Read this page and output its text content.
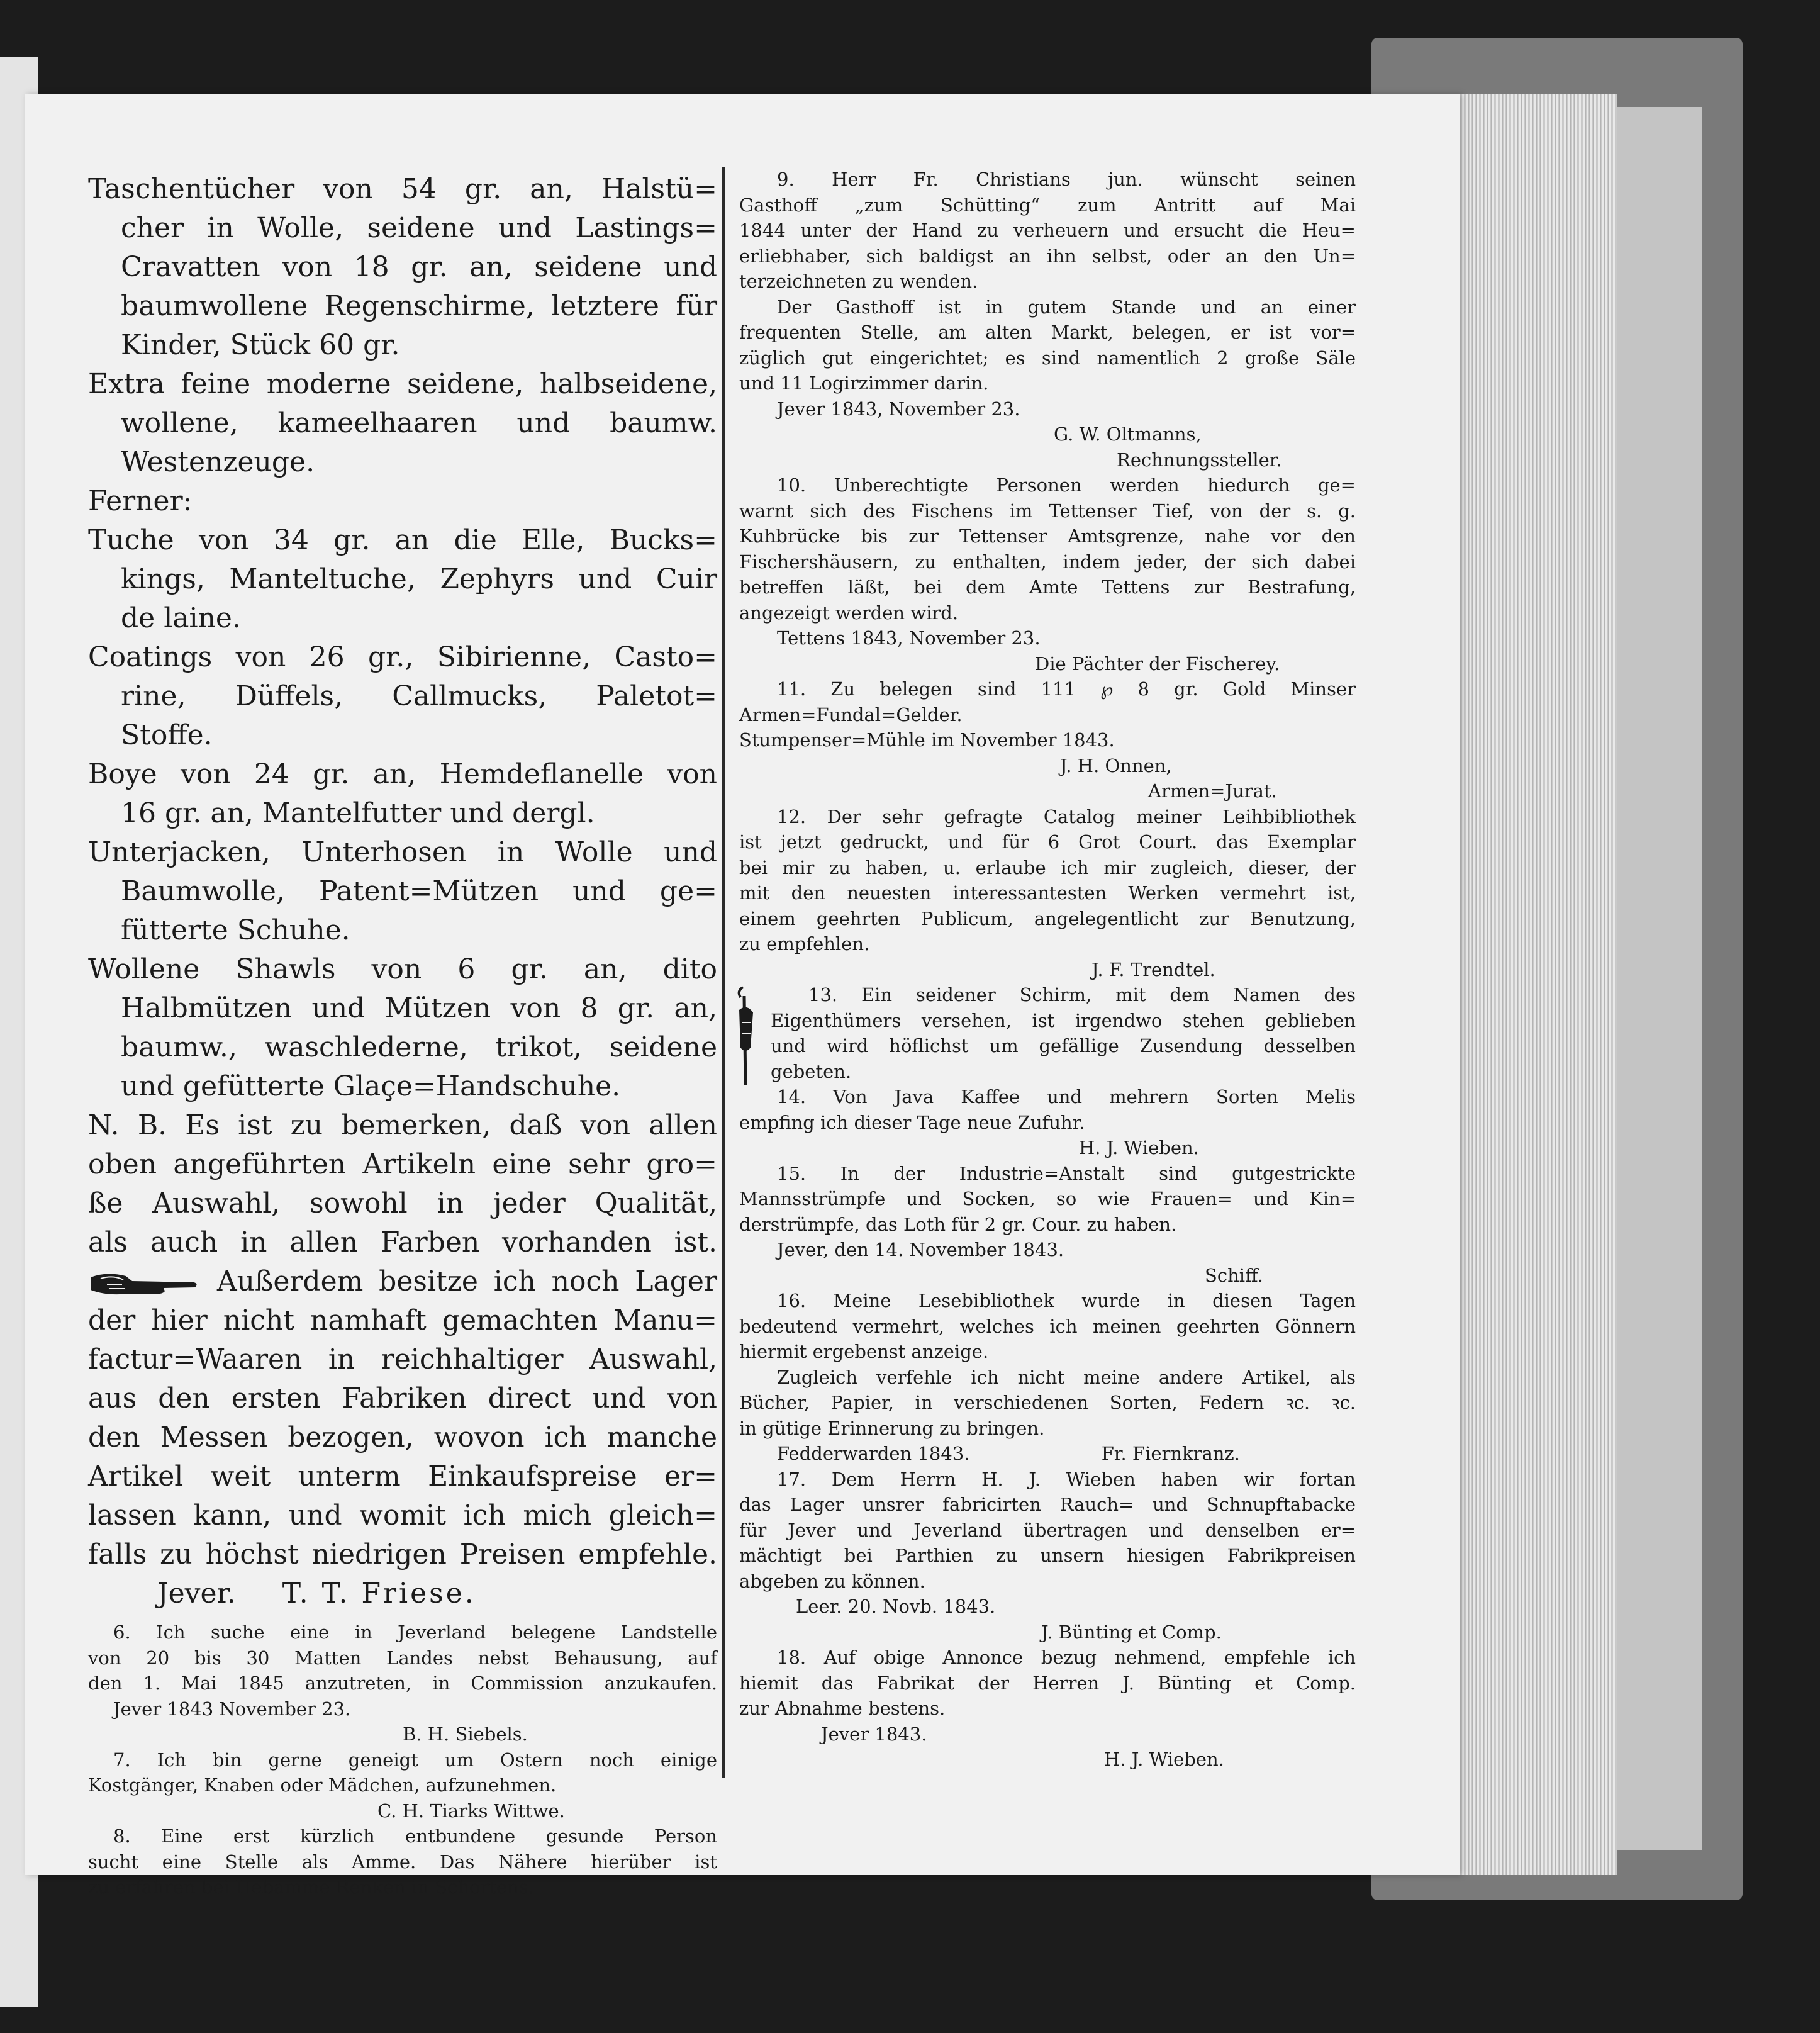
Taschentücher von 54 gr. an, Halstü=
cher in Wolle, seidene und Lastings=
Cravatten von 18 gr. an, seidene und
baumwollene Regenschirme, letztere für
Kinder, Stück 60 gr.
Extra feine moderne seidene, halbseidene,
wollene, kameelhaaren und baumw.
Westenzeuge.
Ferner:
Tuche von 34 gr. an die Elle, Bucks=
kings, Manteltuche, Zephyrs und Cuir
de laine.
Coatings von 26 gr., Sibirienne, Casto=
rine, Düffels, Callmucks, Paletot=
Stoffe.
Boye von 24 gr. an, Hemdeflanelle von
16 gr. an, Mantelfutter und dergl.
Unterjacken, Unterhosen in Wolle und
Baumwolle, Patent=Mützen und ge=
fütterte Schuhe.
Wollene Shawls von 6 gr. an, dito
Halbmützen und Mützen von 8 gr. an,
baumw., waschlederne, trikot, seidene
und gefütterte Glaçe=Handschuhe.
N. B. Es ist zu bemerken, daß von allen
oben angeführten Artikeln eine sehr gro=
ße Auswahl, sowohl in jeder Qualität,
als auch in allen Farben vorhanden ist.
Außerdem besitze ich noch Lager
der hier nicht namhaft gemachten Manu=
factur=Waaren in reichhaltiger Auswahl,
aus den ersten Fabriken direct und von
den Messen bezogen, wovon ich manche
Artikel weit unterm Einkaufspreise er=
lassen kann, und womit ich mich gleich=
falls zu höchst niedrigen Preisen empfehle.
Jever. T. T. Friese.
6. Ich suche eine in Jeverland belegene Landstelle
von 20 bis 30 Matten Landes nebst Behausung, auf
den 1. Mai 1845 anzutreten, in Commission anzukaufen.
Jever 1843 November 23.
B. H. Siebels.
7. Ich bin gerne geneigt um Ostern noch einige
Kostgänger, Knaben oder Mädchen, aufzunehmen.
C. H. Tiarks Wittwe.
8. Eine erst kürzlich entbundene gesunde Person
sucht eine Stelle als Amme. Das Nähere hierüber ist
zu erfahren bei Hebamme Renken in Schortens.
9. Herr Fr. Christians jun. wünscht seinen
Gasthoff „zum Schütting“ zum Antritt auf Mai
1844 unter der Hand zu verheuern und ersucht die Heu=
erliebhaber, sich baldigst an ihn selbst, oder an den Un=
terzeichneten zu wenden.
Der Gasthoff ist in gutem Stande und an einer
frequenten Stelle, am alten Markt, belegen, er ist vor=
züglich gut eingerichtet; es sind namentlich 2 große Säle
und 11 Logirzimmer darin.
Jever 1843, November 23.
G. W. Oltmanns,
Rechnungssteller.
10. Unberechtigte Personen werden hiedurch ge=
warnt sich des Fischens im Tettenser Tief, von der s. g.
Kuhbrücke bis zur Tettenser Amtsgrenze, nahe vor den
Fischershäusern, zu enthalten, indem jeder, der sich dabei
betreffen läßt, bei dem Amte Tettens zur Bestrafung,
angezeigt werden wird.
Tettens 1843, November 23.
Die Pächter der Fischerey.
11. Zu belegen sind 111 ℘ 8 gr. Gold Minser
Armen=Fundal=Gelder.
Stumpenser=Mühle im November 1843.
J. H. Onnen,
Armen=Jurat.
12. Der sehr gefragte Catalog meiner Leihbibliothek
ist jetzt gedruckt, und für 6 Grot Court. das Exemplar
bei mir zu haben, u. erlaube ich mir zugleich, dieser, der
mit den neuesten interessantesten Werken vermehrt ist,
einem geehrten Publicum, angelegentlicht zur Benutzung,
zu empfehlen.
J. F. Trendtel.
13. Ein seidener Schirm, mit dem Namen des
Eigenthümers versehen, ist irgendwo stehen geblieben
und wird höflichst um gefällige Zusendung desselben
gebeten.
14. Von Java Kaffee und mehrern Sorten Melis
empfing ich dieser Tage neue Zufuhr.
H. J. Wieben.
15. In der Industrie=Anstalt sind gutgestrickte
Mannsstrümpfe und Socken, so wie Frauen= und Kin=
derstrümpfe, das Loth für 2 gr. Cour. zu haben.
Jever, den 14. November 1843.
Schiff.
16. Meine Lesebibliothek wurde in diesen Tagen
bedeutend vermehrt, welches ich meinen geehrten Gönnern
hiermit ergebenst anzeige.
Zugleich verfehle ich nicht meine andere Artikel, als
Bücher, Papier, in verschiedenen Sorten, Federn ꝛc. ꝛc.
in gütige Erinnerung zu bringen.
Fedderwarden 1843.	Fr. Fiernkranz.
17. Dem Herrn H. J. Wieben haben wir fortan
das Lager unsrer fabricirten Rauch= und Schnupftabacke
für Jever und Jeverland übertragen und denselben er=
mächtigt bei Parthien zu unsern hiesigen Fabrikpreisen
abgeben zu können.
Leer. 20. Novb. 1843.
J. Bünting et Comp.
18. Auf obige Annonce bezug nehmend, empfehle ich
hiemit das Fabrikat der Herren J. Bünting et Comp.
zur Abnahme bestens.
Jever 1843.
H. J. Wieben.
